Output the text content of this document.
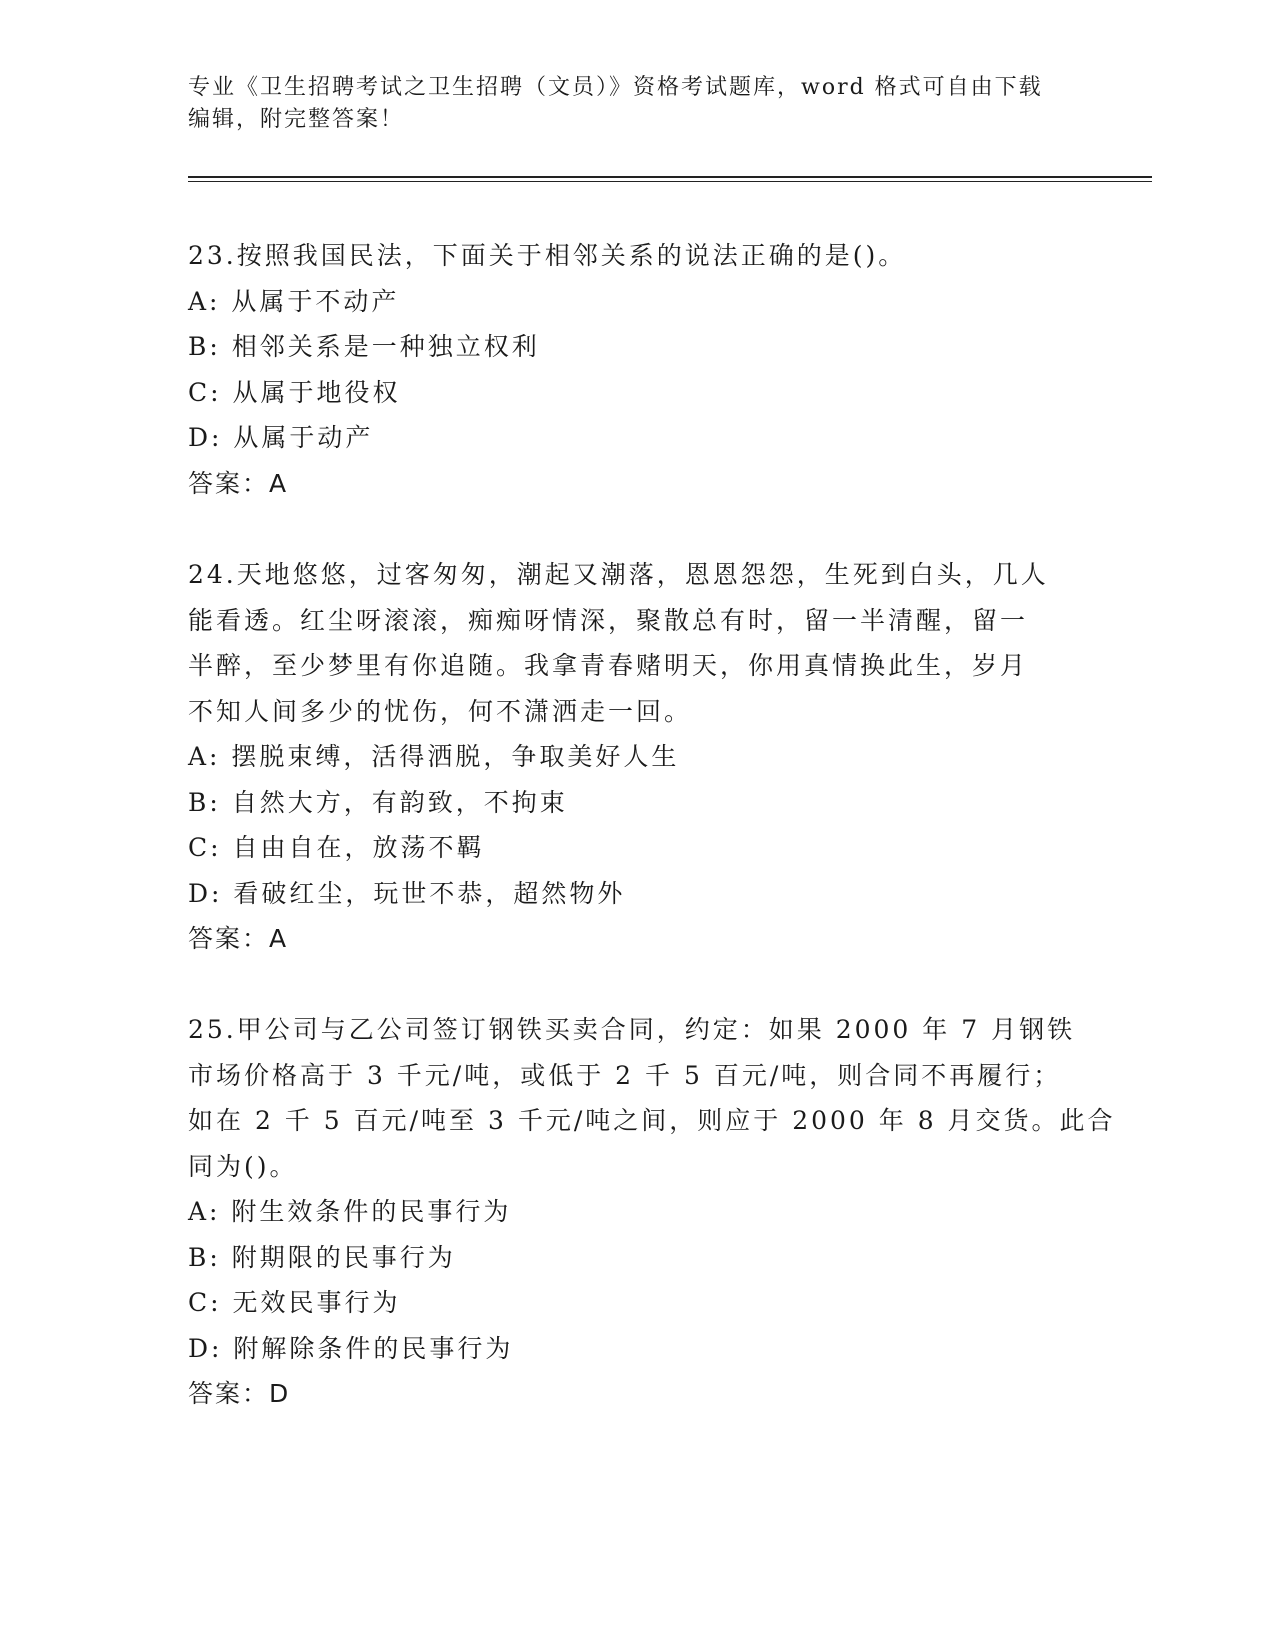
专业《卫生招聘考试之卫生招聘（文员）》资格考试题库，word 格式可自由下载

编辑，附完整答案！

23.按照我国民法，下面关于相邻关系的说法正确的是()。

A: 从属于不动产

B: 相邻关系是一种独立权利

C: 从属于地役权

D: 从属于动产

答案：A

24.天地悠悠，过客匆匆，潮起又潮落，恩恩怨怨，生死到白头，几人

能看透。红尘呀滚滚，痴痴呀情深，聚散总有时，留一半清醒，留一

半醉，至少梦里有你追随。我拿青春赌明天，你用真情换此生，岁月

不知人间多少的忧伤，何不潇洒走一回。

A: 摆脱束缚，活得洒脱，争取美好人生

B: 自然大方，有韵致，不拘束

C: 自由自在，放荡不羁

D: 看破红尘，玩世不恭，超然物外

答案：A

25.甲公司与乙公司签订钢铁买卖合同，约定：如果 2000 年 7 月钢铁

市场价格高于 3 千元/吨，或低于 2 千 5 百元/吨，则合同不再履行；

如在 2 千 5 百元/吨至 3 千元/吨之间，则应于 2000 年 8 月交货。此合

同为()。

A: 附生效条件的民事行为

B: 附期限的民事行为

C: 无效民事行为

D: 附解除条件的民事行为

答案：D
